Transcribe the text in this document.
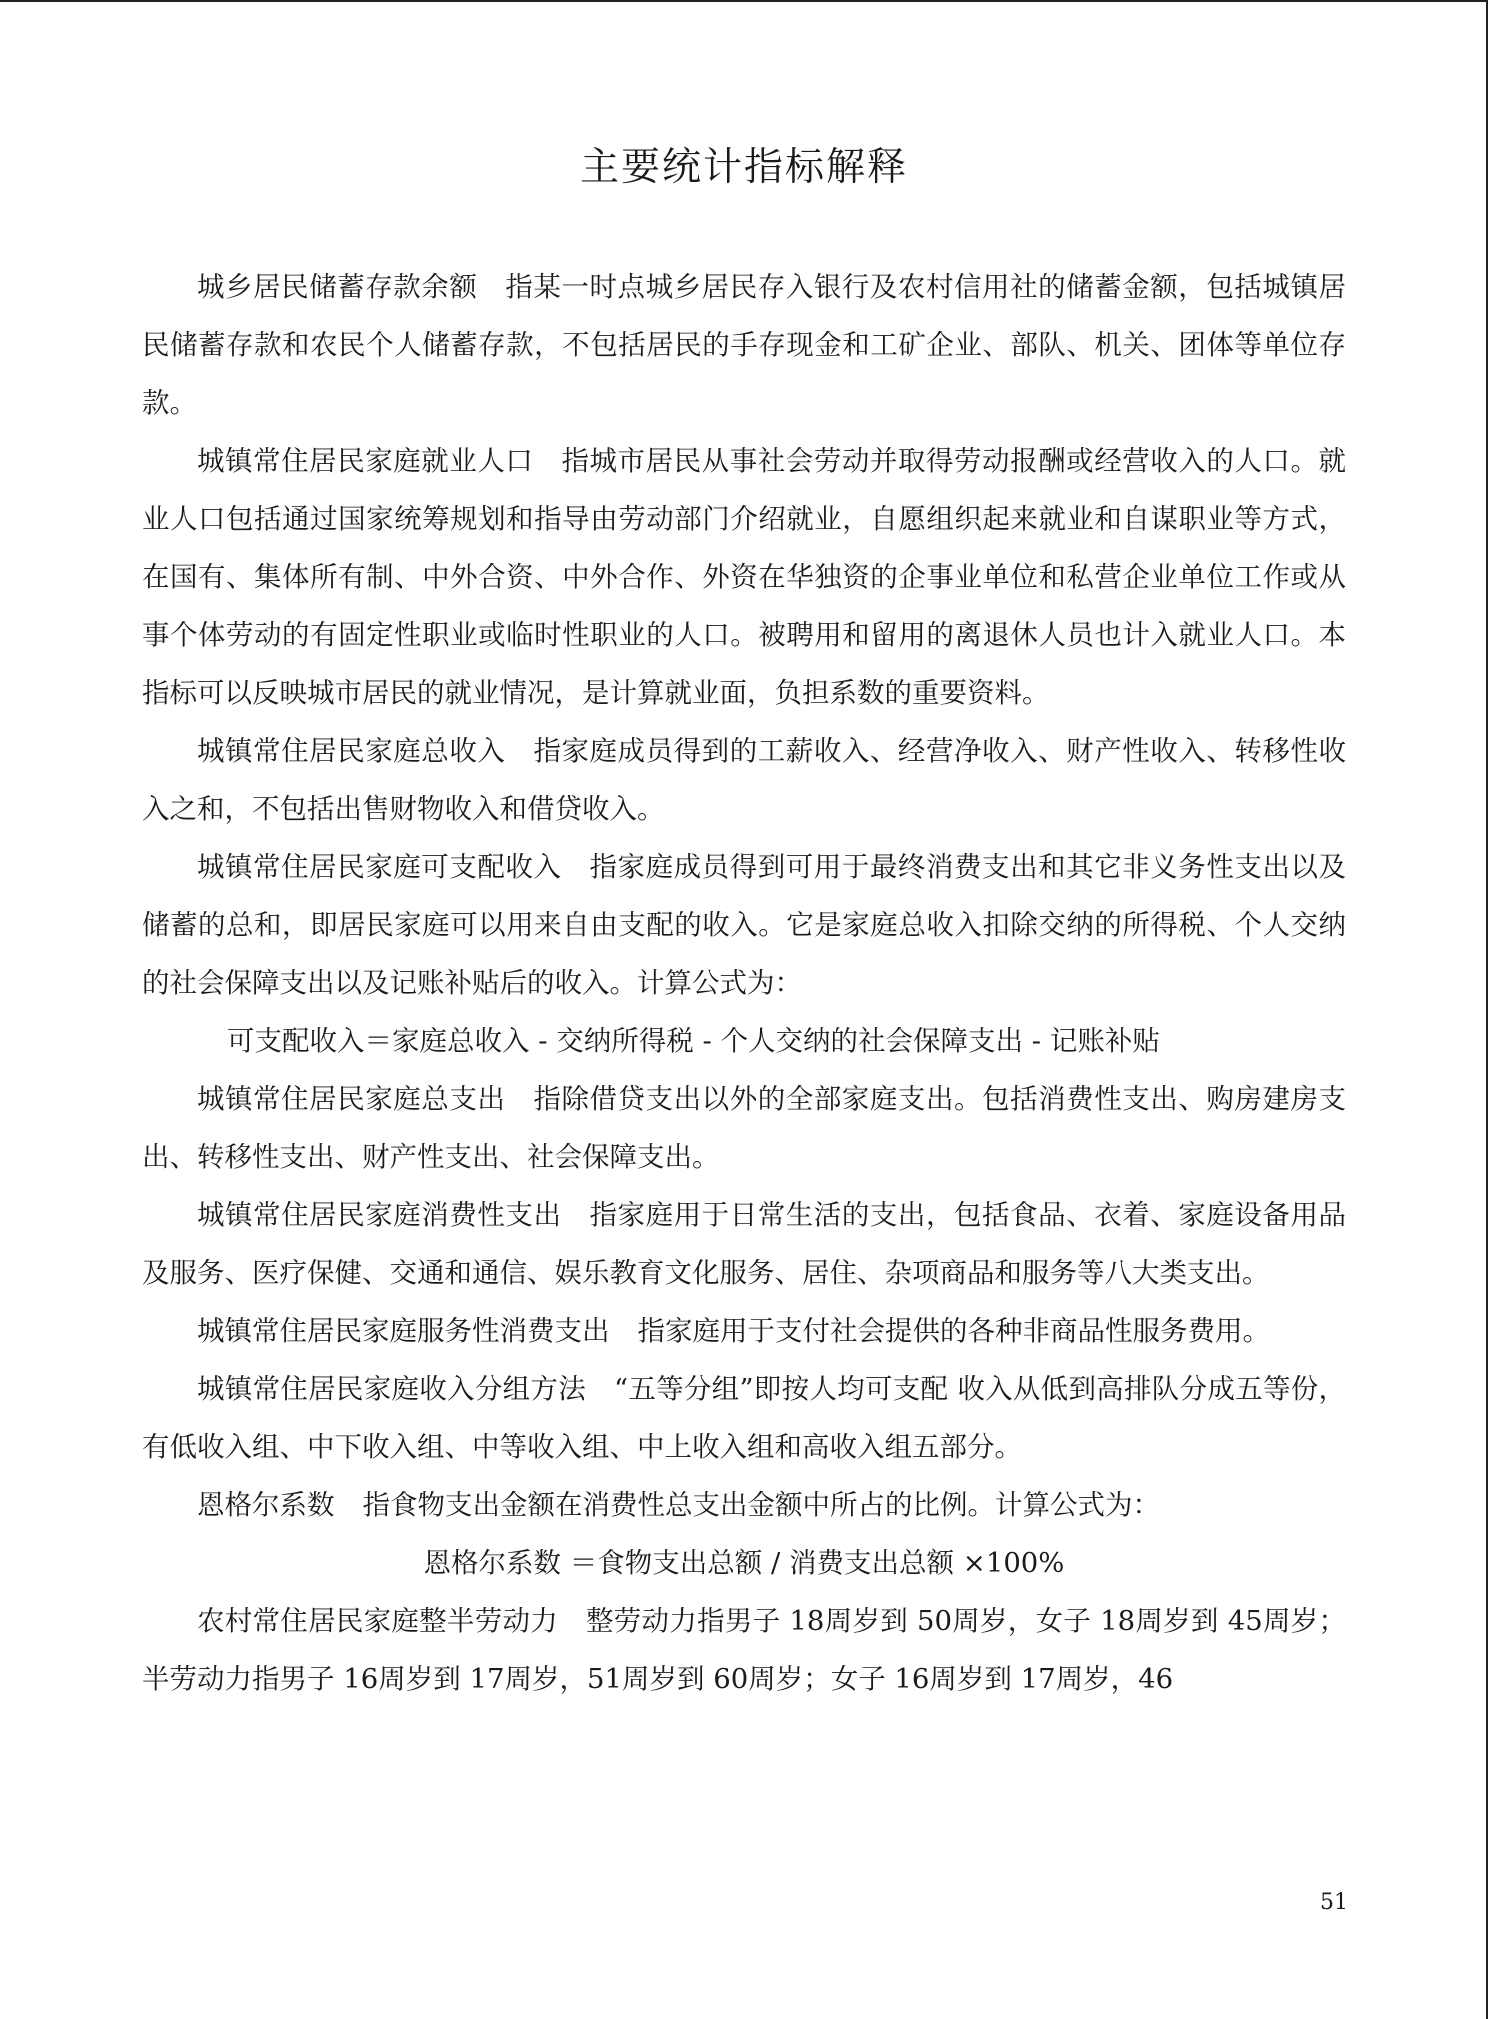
主要统计指标解释

城乡居民储蓄存款余额 指某一时点城乡居民存入银行及农村信用社的储蓄金额，包括城镇居民储蓄存款和农民个人储蓄存款，不包括居民的手存现金和工矿企业、部队、机关、团体等单位存款。

城镇常住居民家庭就业人口 指城市居民从事社会劳动并取得劳动报酬或经营收入的人口。就业人口包括通过国家统筹规划和指导由劳动部门介绍就业，自愿组织起来就业和自谋职业等方式，在国有、集体所有制、中外合资、中外合作、外资在华独资的企事业单位和私营企业单位工作或从事个体劳动的有固定性职业或临时性职业的人口。被聘用和留用的离退休人员也计入就业人口。本指标可以反映城市居民的就业情况，是计算就业面，负担系数的重要资料。

城镇常住居民家庭总收入 指家庭成员得到的工薪收入、经营净收入、财产性收入、转移性收入之和，不包括出售财物收入和借贷收入。

城镇常住居民家庭可支配收入 指家庭成员得到可用于最终消费支出和其它非义务性支出以及储蓄的总和，即居民家庭可以用来自由支配的收入。它是家庭总收入扣除交纳的所得税、个人交纳的社会保障支出以及记账补贴后的收入。计算公式为：

可支配收入＝家庭总收入 - 交纳所得税 - 个人交纳的社会保障支出 - 记账补贴

城镇常住居民家庭总支出 指除借贷支出以外的全部家庭支出。包括消费性支出、购房建房支出、转移性支出、财产性支出、社会保障支出。

城镇常住居民家庭消费性支出 指家庭用于日常生活的支出，包括食品、衣着、家庭设备用品及服务、医疗保健、交通和通信、娱乐教育文化服务、居住、杂项商品和服务等八大类支出。

城镇常住居民家庭服务性消费支出 指家庭用于支付社会提供的各种非商品性服务费用。

城镇常住居民家庭收入分组方法 “五等分组”即按人均可支配 收入从低到高排队分成五等份，有低收入组、中下收入组、中等收入组、中上收入组和高收入组五部分。

恩格尔系数 指食物支出金额在消费性总支出金额中所占的比例。计算公式为：

恩格尔系数 ＝食物支出总额 / 消费支出总额 ×100%

农村常住居民家庭整半劳动力 整劳动力指男子 18周岁到 50周岁，女子 18周岁到 45周岁；半劳动力指男子 16周岁到 17周岁，51周岁到 60周岁；女子 16周岁到 17周岁，46

51
